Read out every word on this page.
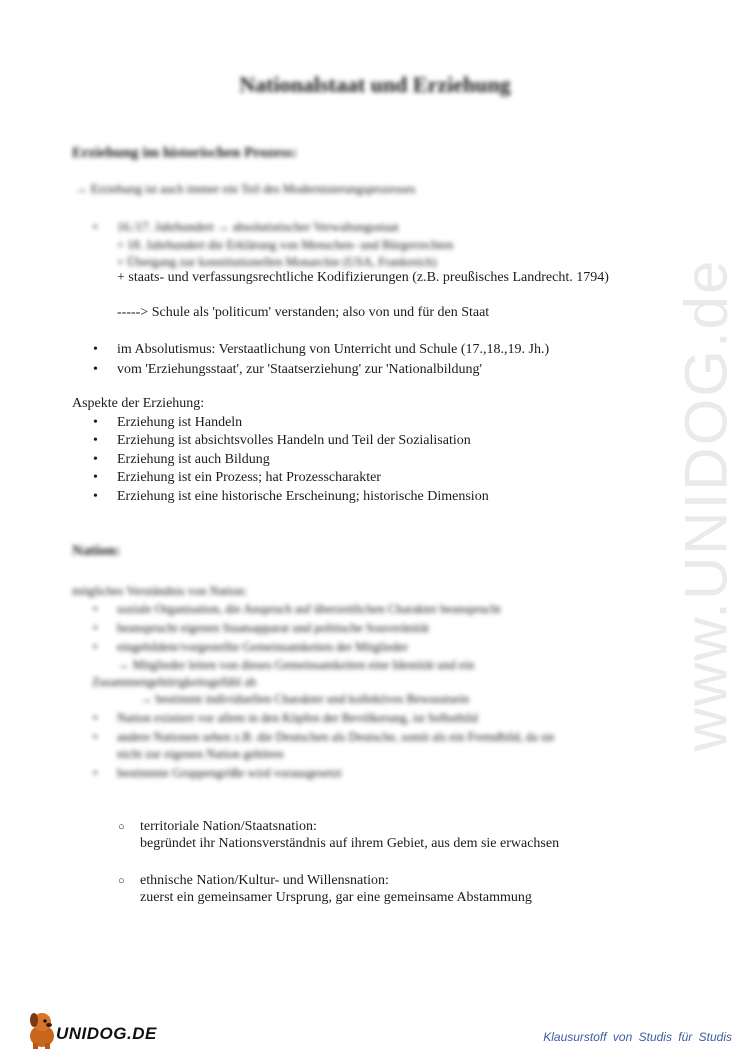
www.UNIDOG.de
Nationalstaat und Erziehung
Erziehung im historischen Prozess:
→ Erziehung ist auch immer ein Teil des Modernisierungsprozesses
• 16./17. Jahrhundert → absolutistischer Verwaltungsstaat
+ 18. Jahrhundert die Erklärung von Menschen- und Bürgerrechten
+ Übergang zur konstitutionellen Monarchie (USA, Frankreich)
+ staats- und verfassungsrechtliche Kodifizierungen (z.B. preußisches Landrecht. 1794)
-----> Schule als 'politicum' verstanden; also von und für den Staat
• im Absolutismus: Verstaatlichung von Unterricht und Schule (17.,18.,19. Jh.)
• vom 'Erziehungsstaat', zur 'Staatserziehung' zur 'Nationalbildung'
Aspekte der Erziehung:
• Erziehung ist Handeln
• Erziehung ist absichtsvolles Handeln und Teil der Sozialisation
• Erziehung ist auch Bildung
• Erziehung ist ein Prozess; hat Prozesscharakter
• Erziehung ist eine historische Erscheinung; historische Dimension
Nation:
mögliches Verständnis von Nation:
• soziale Organisation, die Anspruch auf überzeitlichen Charakter beansprucht
• beansprucht eigenen Staatsapparat und politische Souveränität
• eingebildete/vorgestellte Gemeinsamkeiten der Mitglieder
→ Mitglieder leiten von dieses Gemeinsamkeiten eine Identität und ein
Zusammengehörigkeitsgefühl ab
→ bestimmt individuellen Charakter und kollektives Bewusstsein
• Nation existiert vor allem in den Köpfen der Bevölkerung, ist Selbstbild
• andere Nationen sehen z.B. die Deutschen als Deutsche, somit als ein Fremdbild, da sie
nicht zur eigenen Nation gehören
• bestimmte Gruppengröße wird vorausgesetzt
○ territoriale Nation/Staatsnation:
begründet ihr Nationsverständnis auf ihrem Gebiet, aus dem sie erwachsen
○ ethnische Nation/Kultur- und Willensnation:
zuerst ein gemeinsamer Ursprung, gar eine gemeinsame Abstammung
UNIDOG.DE	Klausurstoff von Studis für Studis
